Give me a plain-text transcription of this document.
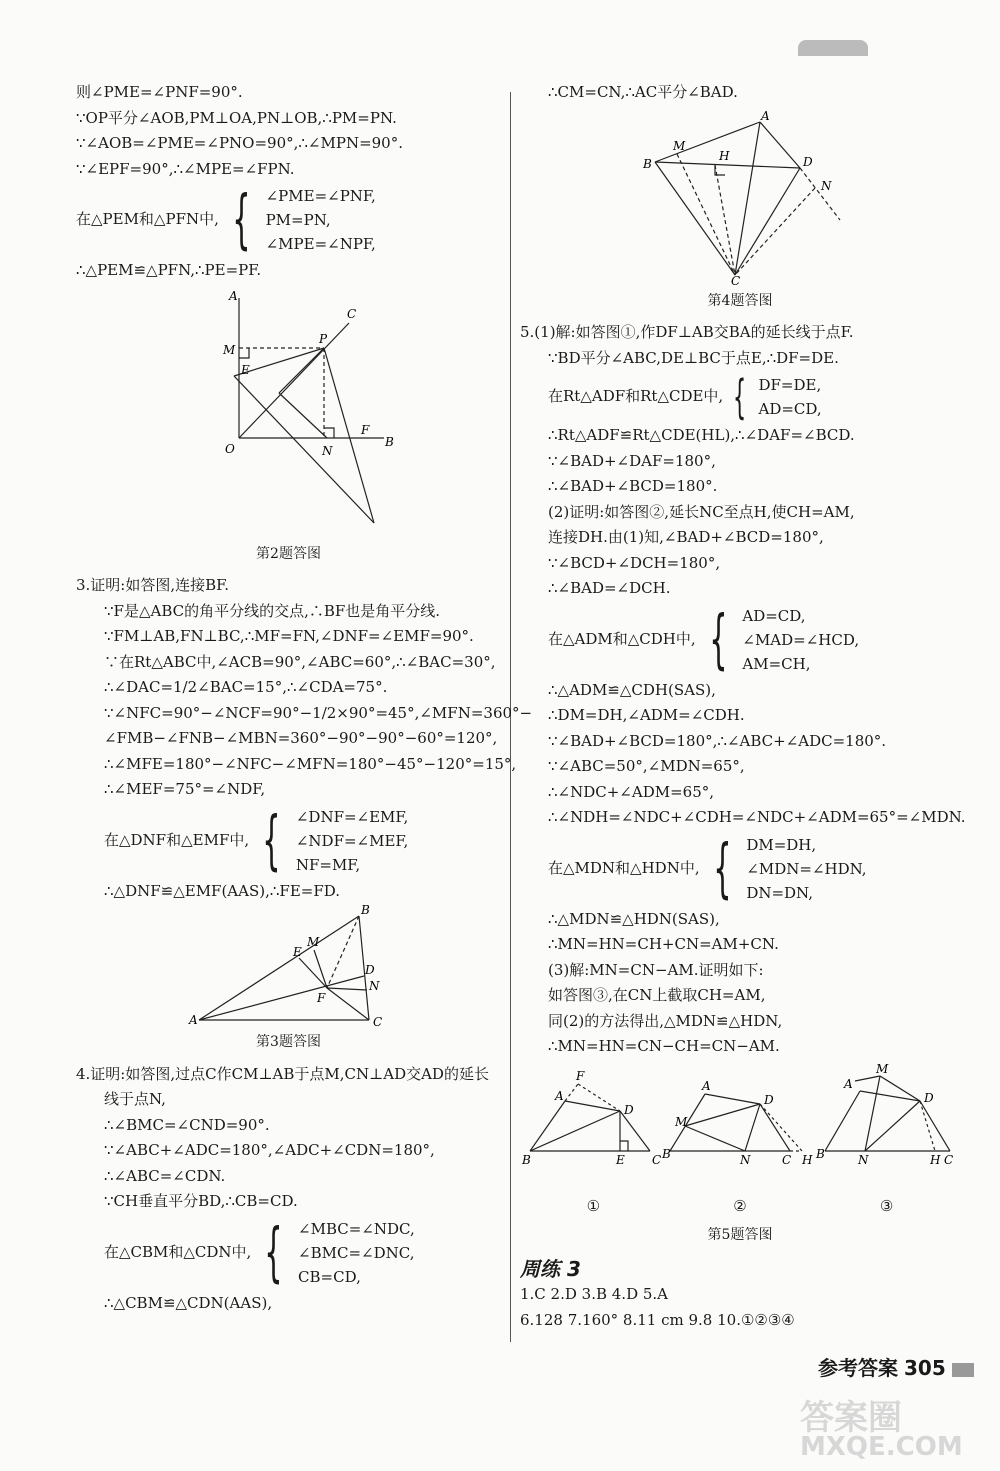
则∠PME=∠PNF=90°.
∵OP平分∠AOB,PM⊥OA,PN⊥OB,∴PM=PN.
∵∠AOB=∠PME=∠PNO=90°,∴∠MPN=90°.
∵∠EPF=90°,∴∠MPE=∠FPN.
在△PEM和△PFN中, { ∠PME=∠PNF,
PM=PN,
∠MPE=∠NPF,
∴△PEM≌△PFN,∴PE=PF.
A
M
E
P
C
O	N
F
B
第2题答图
3.证明:如答图,连接BF.
∵F是△ABC的角平分线的交点,∴BF也是角平分线.
∵FM⊥AB,FN⊥BC,∴MF=FN,∠DNF=∠EMF=90°.
∵在Rt△ABC中,∠ACB=90°,∠ABC=60°,∴∠BAC=30°,
∴∠DAC=1/2∠BAC=15°,∴∠CDA=75°.
∵∠NFC=90°−∠NCF=90°−1/2×90°=45°,∠MFN=360°−
∠FMB−∠FNB−∠MBN=360°−90°−90°−60°=120°,
∴∠MFE=180°−∠NFC−∠MFN=180°−45°−120°=15°,
∴∠MEF=75°=∠NDF,
在△DNF和△EMF中, { ∠DNF=∠EMF,
∠NDF=∠MEF,
NF=MF,
∴△DNF≌△EMF(AAS),∴FE=FD.
A
B
C
E
M
F
D
N
第3题答图
4.证明:如答图,过点C作CM⊥AB于点M,CN⊥AD交AD的延长
线于点N,
∴∠BMC=∠CND=90°.
∵∠ABC+∠ADC=180°,∠ADC+∠CDN=180°,
∴∠ABC=∠CDN.
∵CH垂直平分BD,∴CB=CD.
在△CBM和△CDN中, { ∠MBC=∠NDC,
∠BMC=∠DNC,
CB=CD,
∴△CBM≌△CDN(AAS),
∴CM=CN,∴AC平分∠BAD.
A
B
M
H	D
N
C
第4题答图
5.(1)解:如答图①,作DF⊥AB交BA的延长线于点F.
∵BD平分∠ABC,DE⊥BC于点E,∴DF=DE.
在Rt△ADF和Rt△CDE中, { DF=DE,
AD=CD,
∴Rt△ADF≌Rt△CDE(HL),∴∠DAF=∠BCD.
∵∠BAD+∠DAF=180°,
∴∠BAD+∠BCD=180°.
(2)证明:如答图②,延长NC至点H,使CH=AM,
连接DH.由(1)知,∠BAD+∠BCD=180°,
∵∠BCD+∠DCH=180°,
∴∠BAD=∠DCH.
在△ADM和△CDH中, { AD=CD,
∠MAD=∠HCD,
AM=CH,
∴△ADM≌△CDH(SAS),
∴DM=DH,∠ADM=∠CDH.
∵∠BAD+∠BCD=180°,∴∠ABC+∠ADC=180°.
∵∠ABC=50°,∠MDN=65°,
∴∠NDC+∠ADM=65°,
∴∠NDH=∠NDC+∠CDH=∠NDC+∠ADM=65°=∠MDN.
在△MDN和△HDN中, { DM=DH,
∠MDN=∠HDN,
DN=DN,
∴△MDN≌△HDN(SAS),
∴MN=HN=CH+CN=AM+CN.
(3)解:MN=CN−AM.证明如下:
如答图③,在CN上截取CH=AM,
同(2)的方法得出,△MDN≌△HDN,
∴MN=HN=CN−CH=CN−AM.
B
A
F
D
E C B
A
M
D
N	C H B
A
M
D
N	H C
①	②	③
第5题答图
周练 3
1.C 2.D 3.B 4.D 5.A
6.128 7.160° 8.11 cm 9.8 10.①②③④
参考答案 305
答案圈
MXQE.COM
